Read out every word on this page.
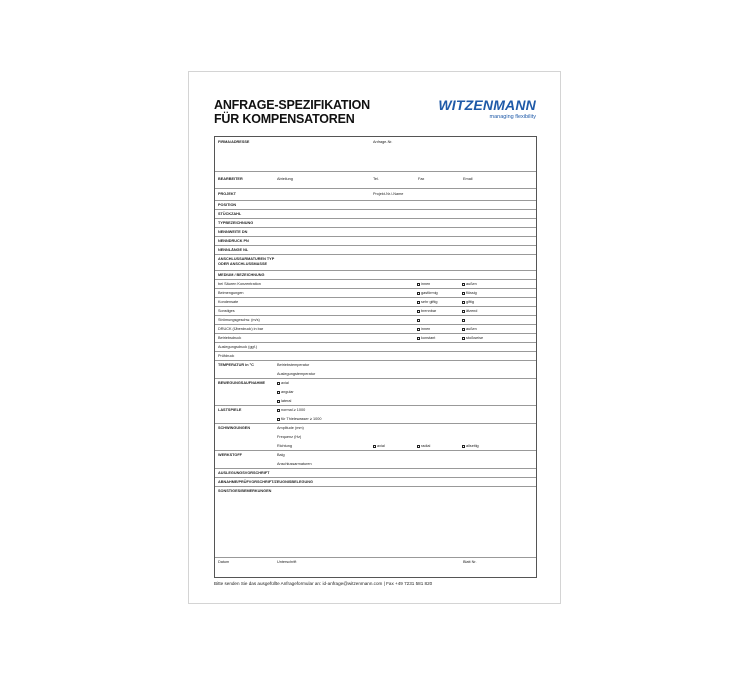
ANFRAGE-SPEZIFIKATION
FÜR KOMPENSATOREN
WITZENMANN
managing flexibility
FIRMA/ADRESSE	Anfrage-Nr.
BEARBEITER	Abteilung	Tel.	Fax	Email
PROJEKT	Projekt-Nr./-Name
POSITION
STÜCKZAHL
TYPBEZEICHNUNG
NENNWEITE DN
NENNDRUCK PN
NENNLÄNGE NL
ANSCHLUSSARMATUREN TYP
ODER ANSCHLUSSMASSE
MEDIUM / BEZEICHNUNG
bei Säuren Konzentration	innen	außen
Beimengungen	gasförmig	flüssig
Kondensate	sehr giftig	giftig
Sonstiges	brennbar	ätzend
Strömungsgeschw. (m/s)
DRUCK (Überdruck) in bar	innen	außen
Betriebsdruck	konstant	stoßweise
Auslegungsdruck (ggf.)
Prüfdruck
TEMPERATUR in °C	Betriebstemperatur
Auslegungstemperatur
BEWEGUNGSAUFNAHME	axial
angular
lateral
LASTSPIELE	normal ≥ 1000
für Thielewasser ≥ 1000
SCHWINGUNGEN	Amplitude (mm)
Frequenz (Hz)
Richtung	axial	radial	allseitig
WERKSTOFF	Balg
Anschlussarmaturen
AUSLEGUNGSVORSCHRIFT
ABNAHME/PRÜFVORSCHRIFT/ZEUGNISBELEGUNG
SONSTIGES/BEMERKUNGEN
Datum	Unterschrift	Blatt Nr.
Bitte senden Sie das ausgefüllte Anfrageformular an: id-anfrage@witzenmann.com | Fax +49 7231 581 820
